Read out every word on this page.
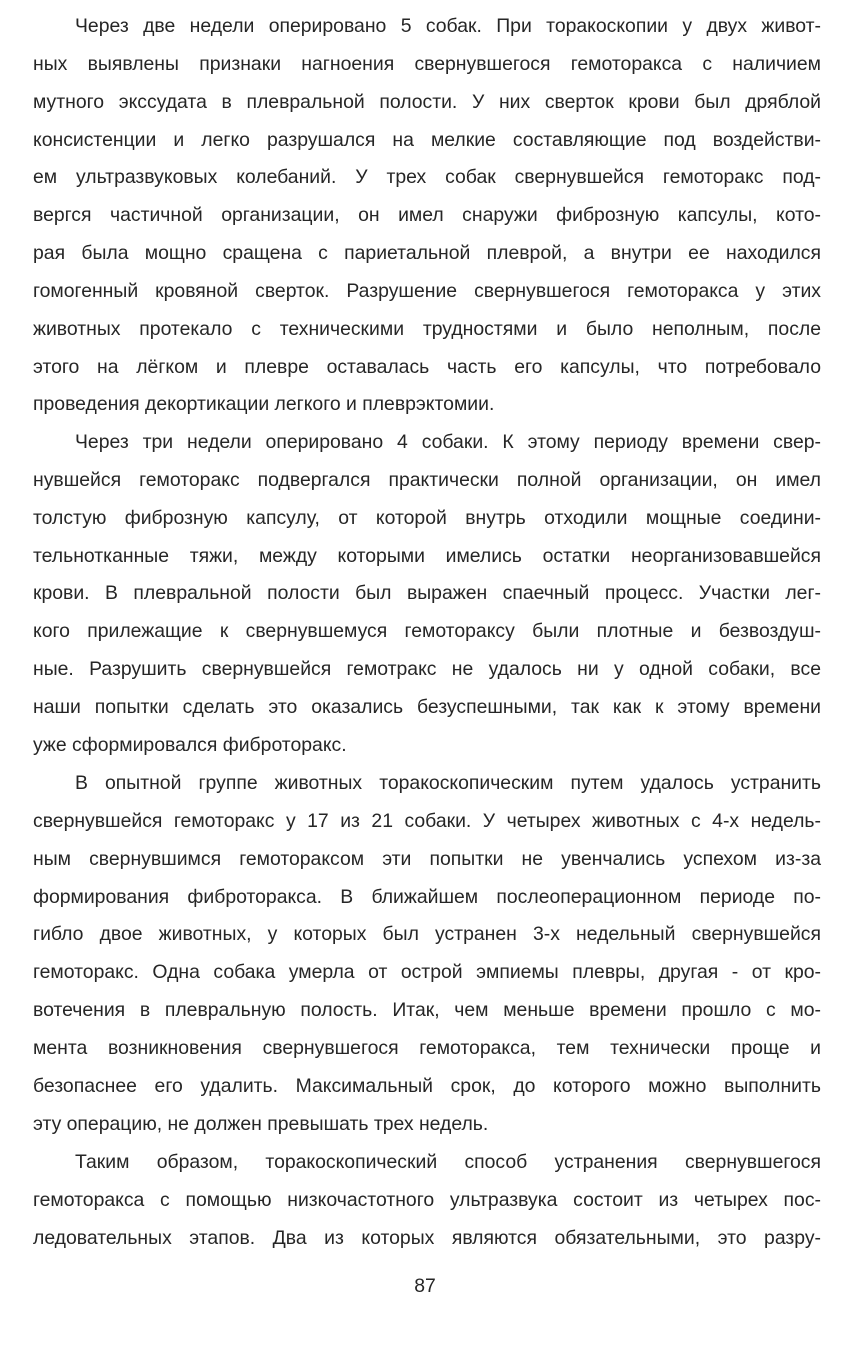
Через две недели оперировано 5 собак. При торакоскопии у двух живот-
ных выявлены признаки нагноения свернувшегося гемоторакса с наличием
мутного экссудата в плевральной полости. У них сверток крови был дряблой
консистенции и легко разрушался на мелкие составляющие под воздействи-
ем ультразвуковых колебаний. У трех собак свернувшейся гемоторакс под-
вергся частичной организации, он имел снаружи фиброзную капсулы, кото-
рая была мощно сращена с париетальной плеврой, а внутри ее находился
гомогенный кровяной сверток. Разрушение свернувшегося гемоторакса у этих
животных протекало с техническими трудностями и было неполным, после
этого на лёгком и плевре оставалась часть его капсулы, что потребовало
проведения декортикации легкого и плеврэктомии.
Через три недели оперировано 4 собаки. К этому периоду времени свер-
нувшейся гемоторакс подвергался практически полной организации, он имел
толстую фиброзную капсулу, от которой внутрь отходили мощные соедини-
тельнотканные тяжи, между которыми имелись остатки неорганизовавшейся
крови. В плевральной полости был выражен спаечный процесс. Участки лег-
кого прилежащие к свернувшемуся гемотораксу были плотные и безвоздуш-
ные. Разрушить свернувшейся гемотракс не удалось ни у одной собаки, все
наши попытки сделать это оказались безуспешными, так как к этому времени
уже сформировался фиброторакс.
В опытной группе животных торакоскопическим путем удалось устранить
свернувшейся гемоторакс у 17 из 21 собаки. У четырех животных с 4-х недель-
ным свернувшимся гемотораксом эти попытки не увенчались успехом из-за
формирования фиброторакса. В ближайшем послеоперационном периоде по-
гибло двое животных, у которых был устранен 3-х недельный свернувшейся
гемоторакс. Одна собака умерла от острой эмпиемы плевры, другая - от кро-
вотечения в плевральную полость. Итак, чем меньше времени прошло с мо-
мента возникновения свернувшегося гемоторакса, тем технически проще и
безопаснее его удалить. Максимальный срок, до которого можно выполнить
эту операцию, не должен превышать трех недель.
Таким образом, торакоскопический способ устранения свернувшегося
гемоторакса с помощью низкочастотного ультразвука состоит из четырех пос-
ледовательных этапов. Два из которых являются обязательными, это разру-
87
